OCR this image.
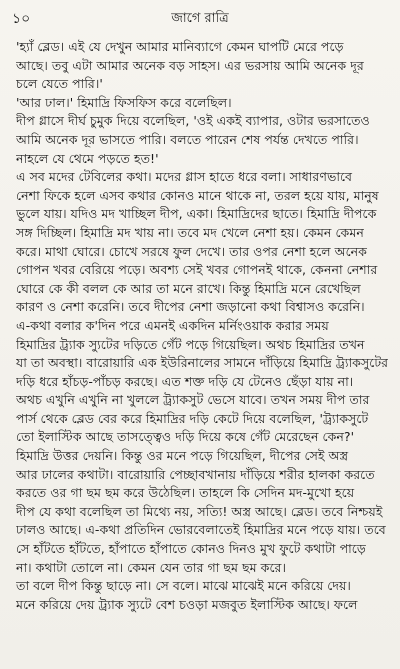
১০	জাগে রাত্রি
'হ্যাঁ ব্লেড। এই যে দেখুন আমার মানিব্যাগে কেমন ঘাপটি মেরে পড়ে
আছে। তবু এটা আমার অনেক বড় সাহস। এর ভরসায় আমি অনেক দূর
চলে যেতে পারি।'
'আর ঢাল।' হিমাদ্রি ফিসফিস করে বলেছিল।
দীপ গ্লাসে দীর্ঘ চুমুক দিয়ে বলেছিল, 'ওই একই ব্যাপার, ওটার ভরসাতেও
আমি অনেক দূর ভাসতে পারি। বলতে পারেন শেষ পর্যন্ত দেখতে পারি।
নাহলে যে থেমে পড়তে হত!'
এ সব মদের টেবিলের কথা। মদের গ্লাস হাতে ধরে বলা। সাধারণভাবে
নেশা ফিকে হলে এসব কথার কোনও মানে থাকে না, তরল হয়ে যায়, মানুষ
ভুলে যায়। যদিও মদ খাচ্ছিল দীপ, একা। হিমাদ্রিদের ছাতে। হিমাদ্রি দীপকে
সঙ্গ দিচ্ছিল। হিমাদ্রি মদ খায় না। তবে মদ খেলে নেশা হয়। কেমন কেমন
করে। মাথা ঘোরে। চোখে সরষে ফুল দেখে। তার ওপর নেশা হলে অনেক
গোপন খবর বেরিয়ে পড়ে। অবশ্য সেই খবর গোপনই থাকে, কেননা নেশার
ঘোরে কে কী বলল কে আর তা মনে রাখে। কিন্তু হিমাদ্রি মনে রেখেছিল
কারণ ও নেশা করেনি। তবে দীপের নেশা জড়ানো কথা বিশ্বাসও করেনি।
এ-কথা বলার ক'দিন পরে এমনই একদিন মর্নিংওয়াক করার সময়
হিমাদ্রির ট্র্যাক স্যুটের দড়িতে গেঁট পড়ে গিয়েছিল। অথচ হিমাদ্রির তখন
যা তা অবস্থা। বারোয়ারি এক ইউরিনালের সামনে দাঁড়িয়ে হিমাদ্রি ট্র্যাকসুটের
দড়ি ধরে হাঁচড়-পাঁচড় করছে। এত শক্ত দড়ি যে টেনেও ছেঁড়া যায় না।
অথচ এখুনি এখুনি না খুললে ট্র্যাকসুট ভেসে যাবে। তখন সময় দীপ তার
পার্স থেকে ব্লেড বের করে হিমাদ্রির দড়ি কেটে দিয়ে বলেছিল, 'ট্র্যাকসুটে
তো ইলাস্টিক আছে তাসত্ত্বেও দড়ি দিয়ে কষে গেঁট মেরেছেন কেন?'
হিমাদ্রি উত্তর দেয়নি। কিন্তু ওর মনে পড়ে গিয়েছিল, দীপের সেই অস্ত্র
আর ঢালের কথাটা। বারোয়ারি পেচ্ছাবখানায় দাঁড়িয়ে শরীর হালকা করতে
করতে ওর গা ছম ছম করে উঠেছিল। তাহলে কি সেদিন মদ-মুখো হয়ে
দীপ যে কথা বলেছিল তা মিথ্যে নয়, সত্যি! অস্ত্র আছে। ব্লেড। তবে নিশ্চয়ই
ঢালও আছে। এ-কথা প্রতিদিন ভোরবেলাতেই হিমাদ্রির মনে পড়ে যায়। তবে
সে হাঁটতে হাঁটতে, হাঁপাতে হাঁপাতে কোনও দিনও মুখ ফুটে কথাটা পাড়ে
না। কথাটা তোলে না। কেমন যেন তার গা ছম ছম করে।
তা বলে দীপ কিন্তু ছাড়ে না। সে বলে। মাঝে মাঝেই মনে করিয়ে দেয়।
মনে করিয়ে দেয় ট্র্যাক স্যুটে বেশ চওড়া মজবুত ইলাস্টিক আছে। ফলে
